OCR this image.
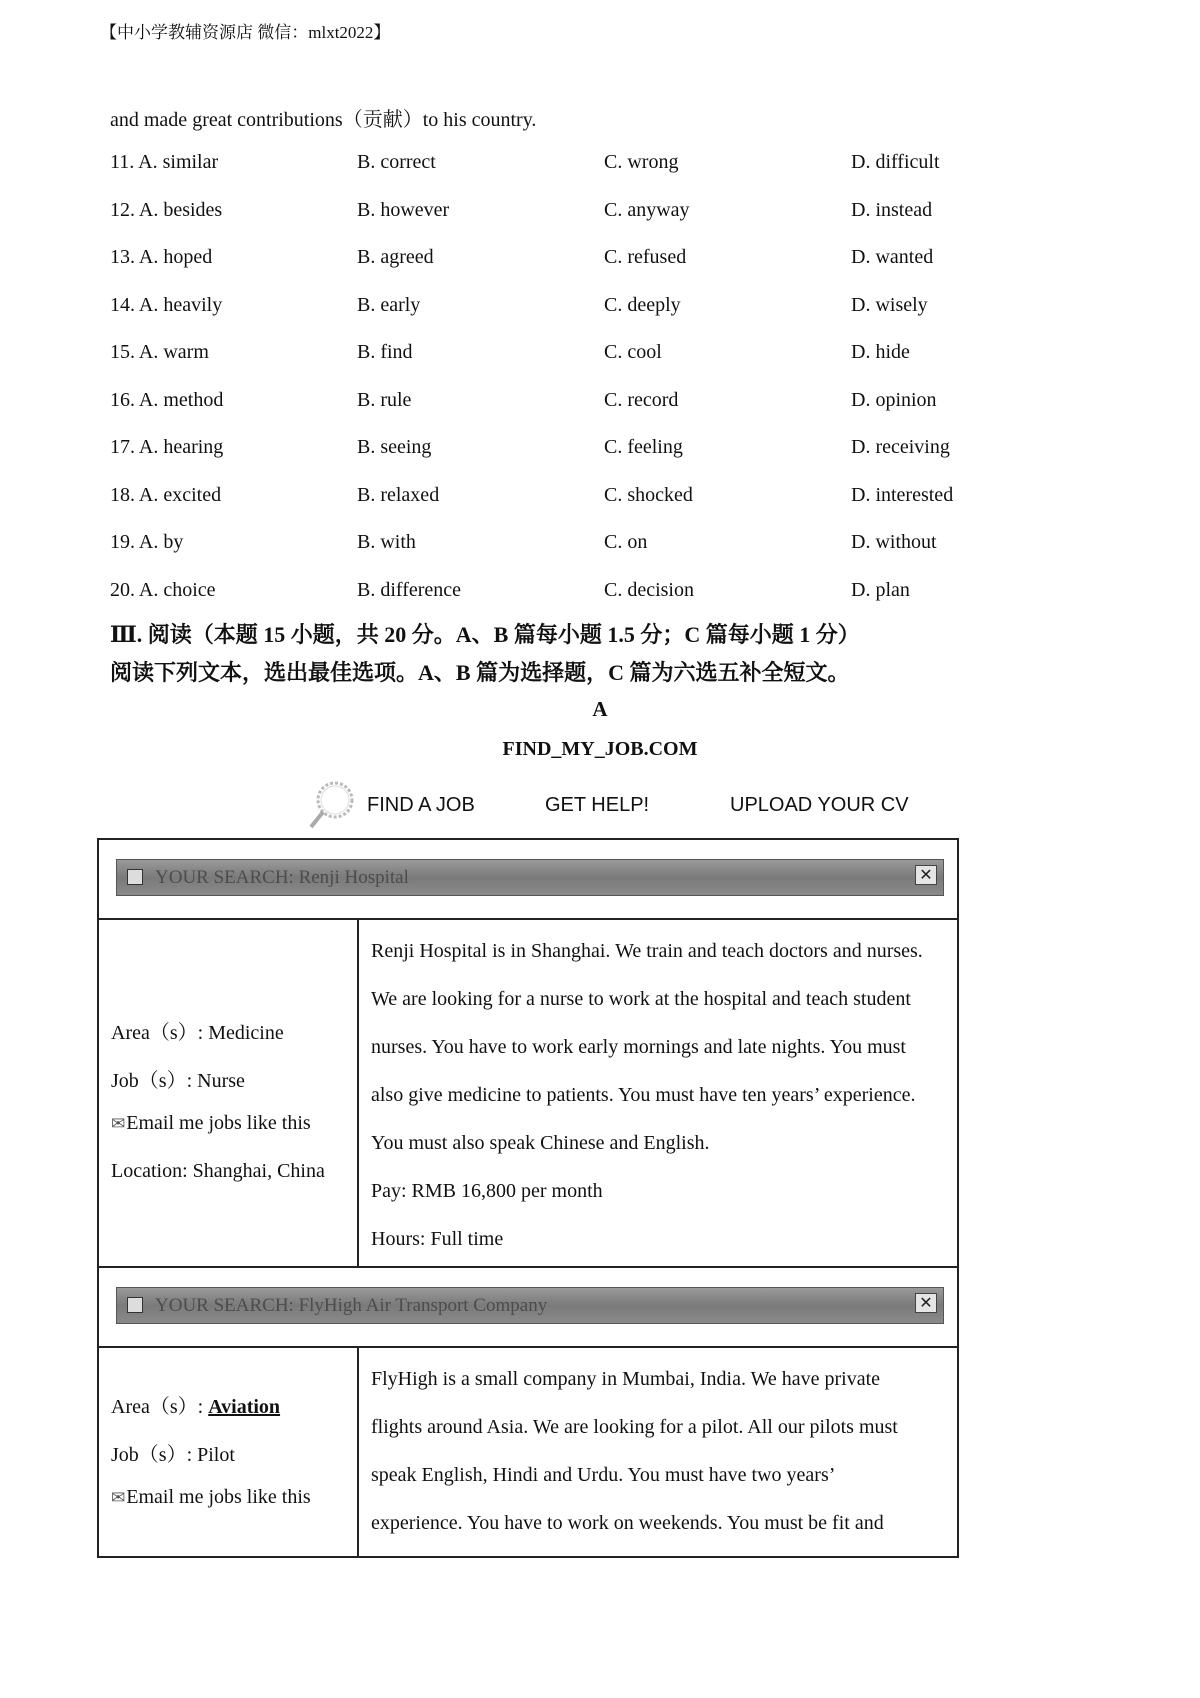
【中小学教辅资源店 微信：mlxt2022】
and made great contributions（贡献）to his country.
11. A. similar	B. correct	C. wrong	D. difficult
12. A. besides	B. however	C. anyway	D. instead
13. A. hoped	B. agreed	C. refused	D. wanted
14. A. heavily	B. early	C. deeply	D. wisely
15. A. warm	B. find	C. cool	D. hide
16. A. method	B. rule	C. record	D. opinion
17. A. hearing	B. seeing	C. feeling	D. receiving
18. A. excited	B. relaxed	C. shocked	D. interested
19. A. by	B. with	C. on	D. without
20. A. choice	B. difference	C. decision	D. plan
Ⅲ. 阅读（本题 15 小题，共 20 分。A、B 篇每小题 1.5 分；C 篇每小题 1 分）
阅读下列文本，选出最佳选项。A、B 篇为选择题，C 篇为六选五补全短文。
A
FIND_MY_JOB.COM
FIND A JOB	GET HELP!	UPLOAD YOUR CV
YOUR SEARCH: Renji Hospital	✕
Area（s）: Medicine
Job（s）: Nurse
✉Email me jobs like this
Location: Shanghai, China
Renji Hospital is in Shanghai. We train and teach doctors and nurses.
We are looking for a nurse to work at the hospital and teach student
nurses. You have to work early mornings and late nights. You must
also give medicine to patients. You must have ten years’ experience.
You must also speak Chinese and English.
Pay: RMB 16,800 per month
Hours: Full time
YOUR SEARCH: FlyHigh Air Transport Company	✕
Area（s）: Aviation
Job（s）: Pilot
✉Email me jobs like this
FlyHigh is a small company in Mumbai, India. We have private
flights around Asia. We are looking for a pilot. All our pilots must
speak English, Hindi and Urdu. You must have two years’
experience. You have to work on weekends. You must be fit and
